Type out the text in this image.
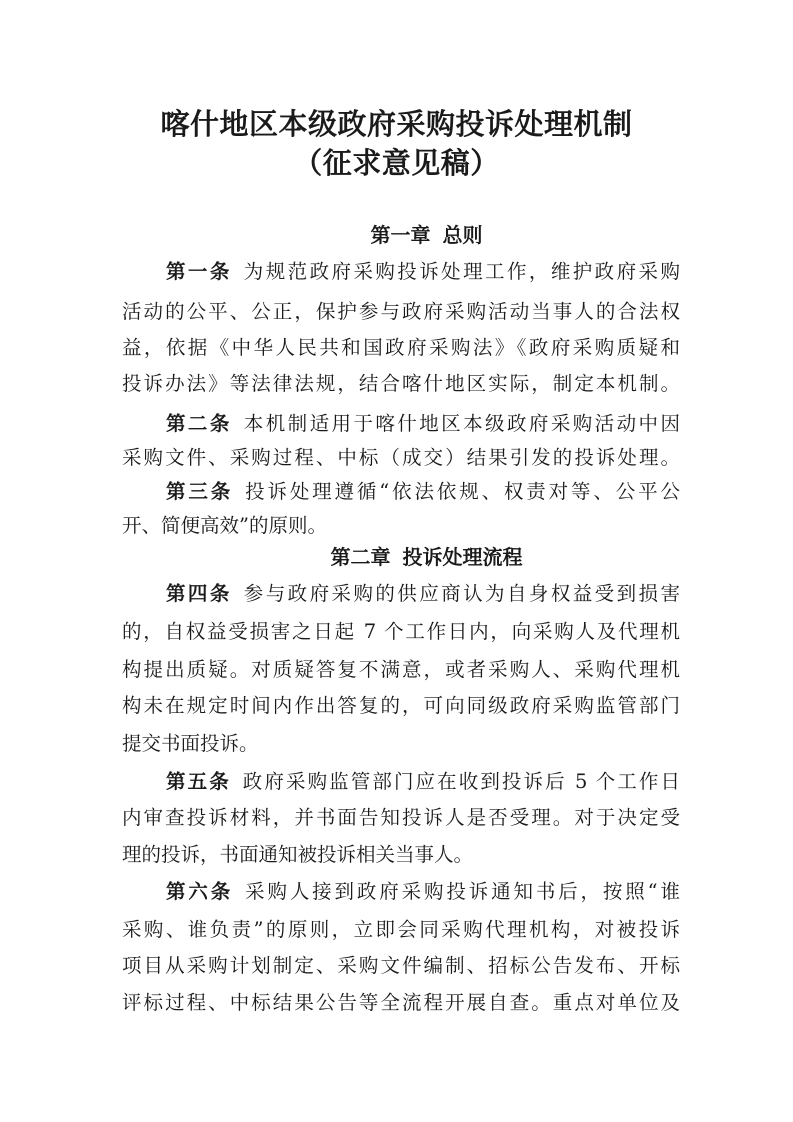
喀什地区本级政府采购投诉处理机制
（征求意见稿）
第一章 总则
第一条 为规范政府采购投诉处理工作，维护政府采购
活动的公平、公正，保护参与政府采购活动当事人的合法权
益，依据《中华人民共和国政府采购法》《政府采购质疑和
投诉办法》等法律法规，结合喀什地区实际，制定本机制。
第二条 本机制适用于喀什地区本级政府采购活动中因
采购文件、采购过程、中标（成交）结果引发的投诉处理。
第三条 投诉处理遵循“依法依规、权责对等、公平公
开、简便高效”的原则。
第二章 投诉处理流程
第四条 参与政府采购的供应商认为自身权益受到损害
的，自权益受损害之日起 7 个工作日内，向采购人及代理机
构提出质疑。对质疑答复不满意，或者采购人、采购代理机
构未在规定时间内作出答复的，可向同级政府采购监管部门
提交书面投诉。
第五条 政府采购监管部门应在收到投诉后 5 个工作日
内审查投诉材料，并书面告知投诉人是否受理。对于决定受
理的投诉，书面通知被投诉相关当事人。
第六条 采购人接到政府采购投诉通知书后，按照“谁
采购、谁负责”的原则，立即会同采购代理机构，对被投诉
项目从采购计划制定、采购文件编制、招标公告发布、开标
评标过程、中标结果公告等全流程开展自查。重点对单位及
